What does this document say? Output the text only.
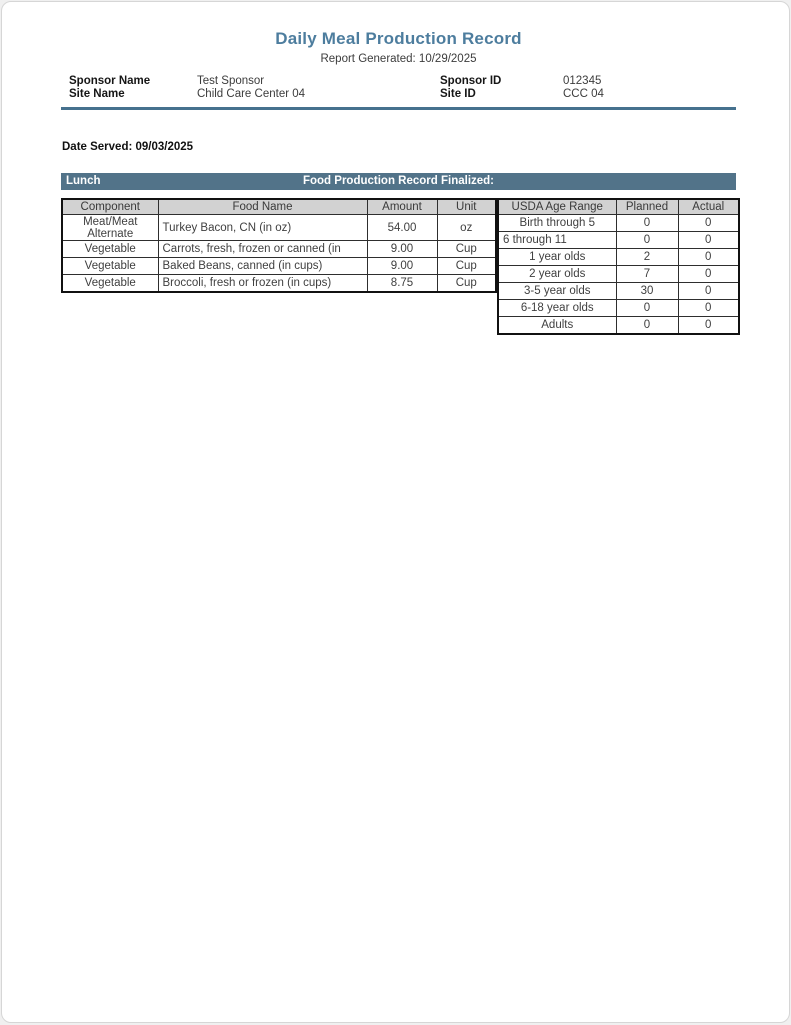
Daily Meal Production Record
Report Generated: 10/29/2025
Sponsor Name	Test Sponsor	Sponsor ID	012345
Site Name	Child Care Center 04	Site ID	CCC 04
Date Served: 09/03/2025
Lunch	Food Production Record Finalized:
Component	Food Name	Amount	Unit
Meat/Meat Alternate	Turkey Bacon, CN (in oz)	54.00	oz
Vegetable	Carrots, fresh, frozen or canned (in	9.00	Cup
Vegetable	Baked Beans, canned (in cups)	9.00	Cup
Vegetable	Broccoli, fresh or frozen (in cups)	8.75	Cup
USDA Age Range	Planned	Actual
Birth through 5	0	0
6 through 11	0	0
1 year olds	2	0
2 year olds	7	0
3-5 year olds	30	0
6-18 year olds	0	0
Adults	0	0
